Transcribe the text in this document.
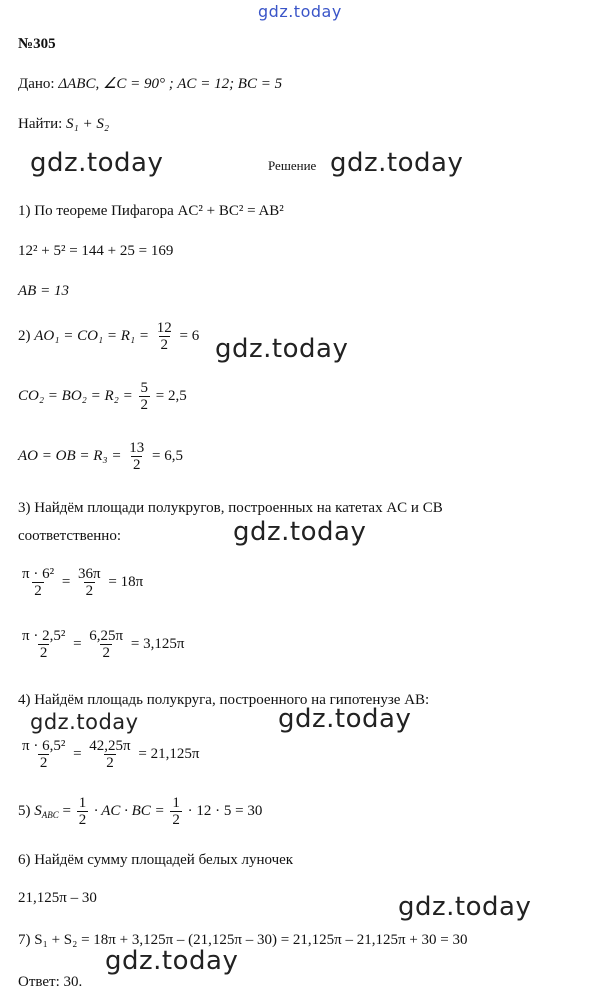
gdz.today
gdz.today	gdz.today
gdz.today
gdz.today
gdz.today	gdz.today
gdz.today
gdz.today
№305
Дано: ΔABC, ∠C = 90° ; AC = 12; BC = 5
Найти: S₁ + S₂
Решение
1) По теореме Пифагора AC² + BC² = AB²
12² + 5² = 144 + 25 = 169
AB = 13
2) $AO_1 = CO_1 = R_1 = \frac{12}{2} = 6$
$CO_2 = BO_2 = R_2 = \frac{5}{2} = 2,5$
AO = OB = $R_3 = \frac{13}{2} = 6,5$
3) Найдём площади полукругов, построенных на катетах AC и CB
соответственно:
$\frac{\text{π · 6²}}{2} = \frac{36\pi}{2} = 18\pi$
$\frac{\text{π · 2,5²}}{2} = \frac{6,25\pi}{2} = 3,125\pi$
4) Найдём площадь полукруга, построенного на гипотенузе AB:
$\frac{\text{π · 6,5²}}{2} = \frac{42,25\pi}{2} = 21,125\pi$
5) $S_{ABC} = \frac{1}{2}$ · AC · BC = $\frac{1}{2} \cdot 12 \cdot 5 = 30$
6) Найдём сумму площадей белых луночек
21,125π – 30
7) S₁ + S₂ = 18π + 3,125π – (21,125π – 30) = 21,125π – 21,125π + 30 = 30
Ответ: 30.
